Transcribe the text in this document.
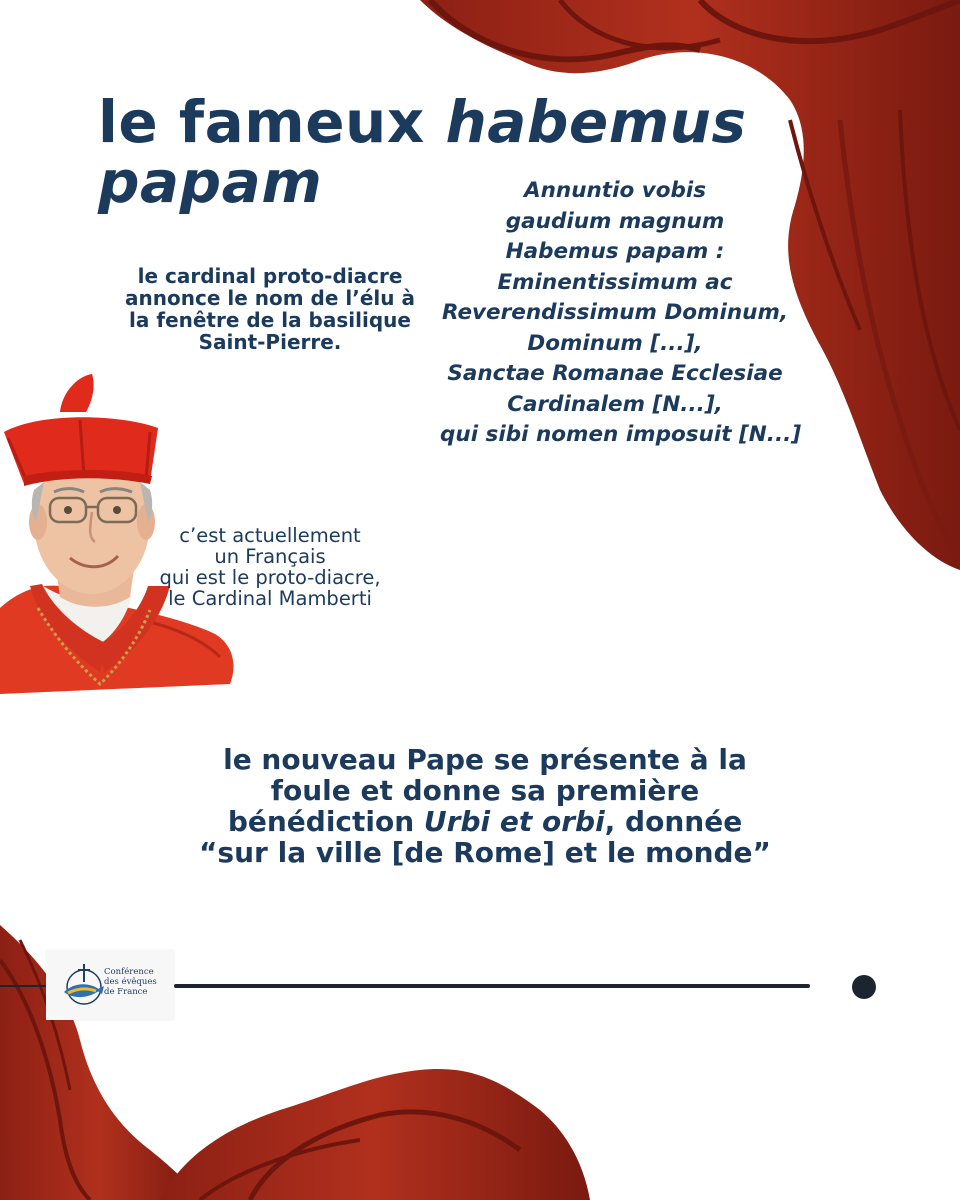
le fameux habemus
papam	Annuntio vobis
gaudium magnum
Habemus papam :
Eminentissimum ac
Reverendissimum Dominum,
Dominum [...],
Sanctae Romanae Ecclesiae
Cardinalem [N...],
qui sibi nomen imposuit [N...]
le cardinal proto-diacre
annonce le nom de l’élu à
la fenêtre de la basilique
Saint-Pierre.
c’est actuellement
un Français
qui est le proto-diacre,
le Cardinal Mamberti
le nouveau Pape se présente à la
foule et donne sa première
bénédiction Urbi et orbi, donnée
“sur la ville [de Rome] et le monde”
Conférence
des évêques
de France
